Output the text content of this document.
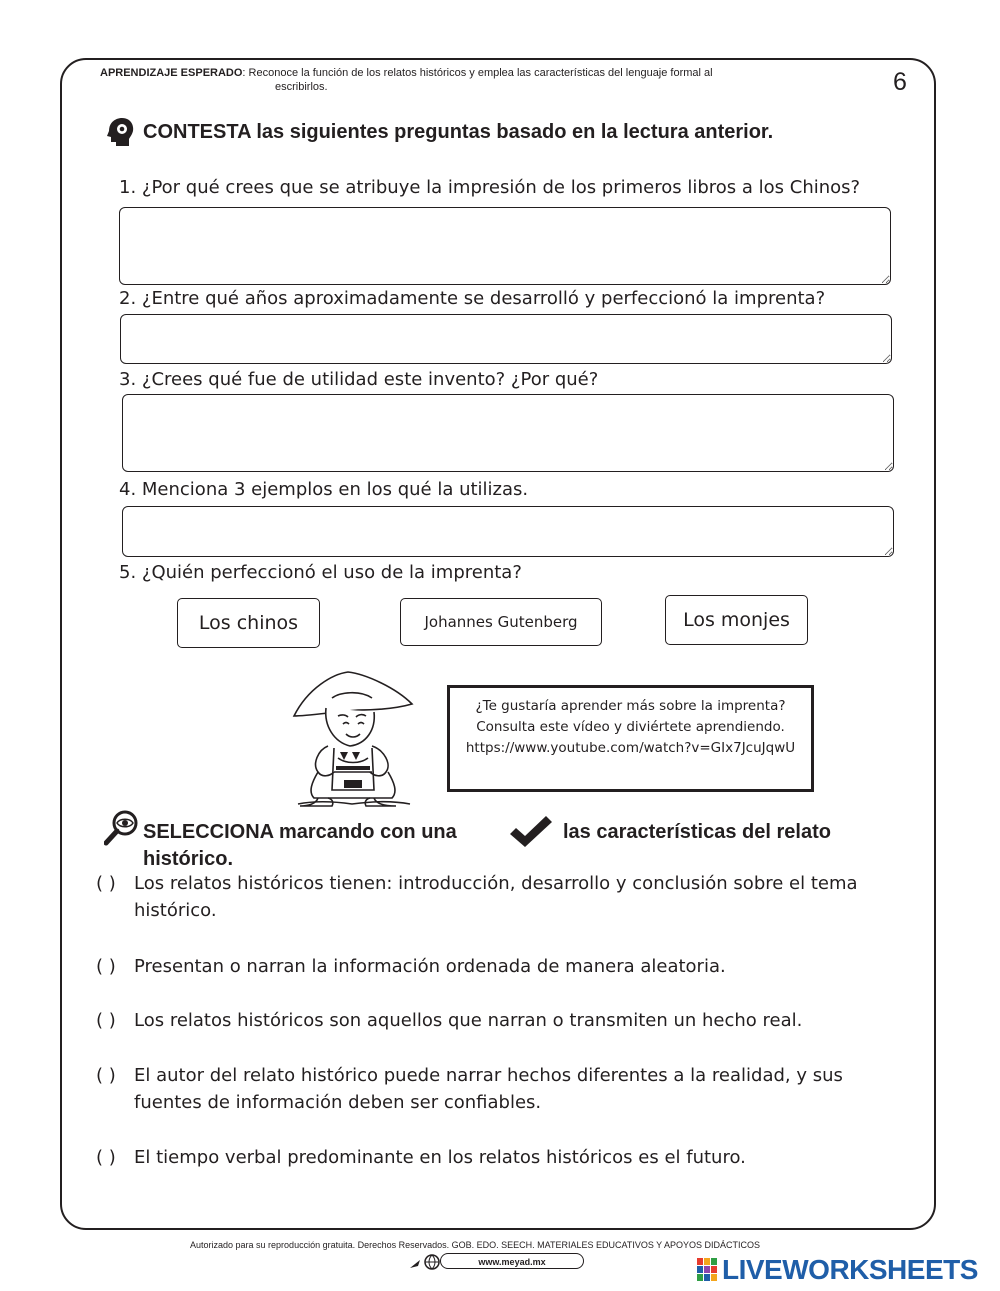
APRENDIZAJE ESPERADO: Reconoce la función de los relatos históricos y emplea las características del lenguaje formal al
escribirlos.	6
CONTESTA las siguientes preguntas basado en la lectura anterior.
1. ¿Por qué crees que se atribuye la impresión de los primeros libros a los Chinos?
2. ¿Entre qué años aproximadamente se desarrolló y perfeccionó la imprenta?
3. ¿Crees qué fue de utilidad este invento? ¿Por qué?
4. Menciona 3 ejemplos en los qué la utilizas.
5. ¿Quién perfeccionó el uso de la imprenta?
Los chinos	Johannes Gutenberg	Los monjes
¿Te gustaría aprender más sobre la imprenta?
Consulta este vídeo y diviértete aprendiendo.
https://www.youtube.com/watch?v=GIx7JcuJqwU
SELECCIONA marcando con una	las características del relato
histórico.
( ) Los relatos históricos tienen: introducción, desarrollo y conclusión sobre el tema
histórico.
( ) Presentan o narran la información ordenada de manera aleatoria.
( ) Los relatos históricos son aquellos que narran o transmiten un hecho real.
( ) El autor del relato histórico puede narrar hechos diferentes a la realidad, y sus
fuentes de información deben ser confiables.
( ) El tiempo verbal predominante en los relatos históricos es el futuro.
Autorizado para su reproducción gratuita. Derechos Reservados. GOB. EDO. SEECH. MATERIALES EDUCATIVOS Y APOYOS DIDÁCTICOS
www.meyad.mx	LIVEWORKSHEETS
